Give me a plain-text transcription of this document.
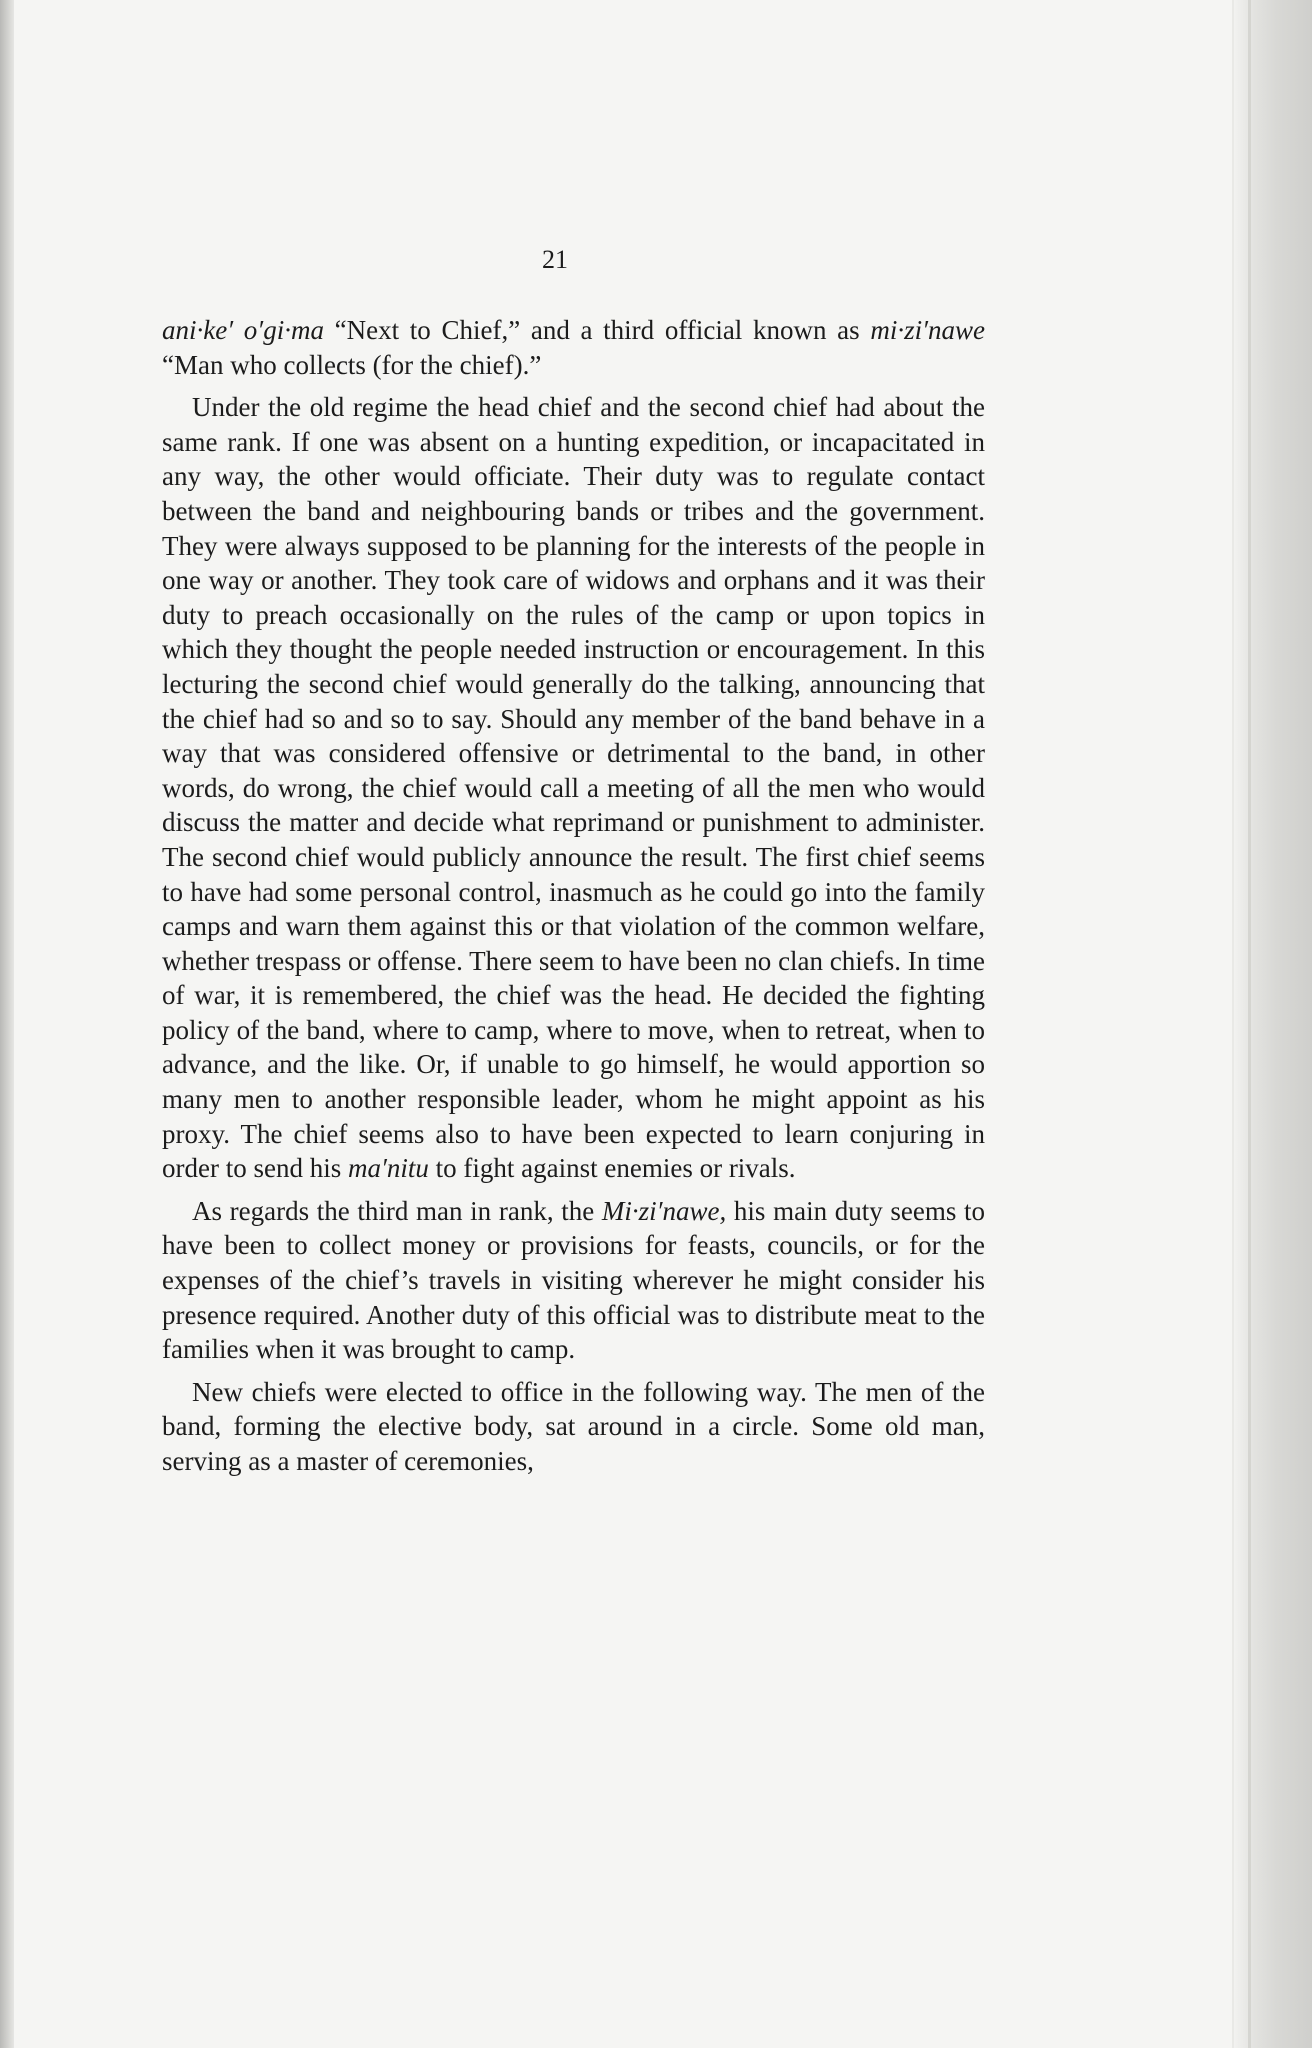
21

ani·ke′ o′gi·ma “Next to Chief,” and a third official known as mi·zi′nawe “Man who collects (for the chief).”

Under the old regime the head chief and the second chief had about the same rank. If one was absent on a hunting expedition, or incapacitated in any way, the other would officiate. Their duty was to regulate contact between the band and neighbouring bands or tribes and the government. They were always supposed to be planning for the interests of the people in one way or another. They took care of widows and orphans and it was their duty to preach occasionally on the rules of the camp or upon topics in which they thought the people needed instruction or encouragement. In this lecturing the second chief would generally do the talking, announcing that the chief had so and so to say. Should any member of the band behave in a way that was considered offensive or detrimental to the band, in other words, do wrong, the chief would call a meeting of all the men who would discuss the matter and decide what reprimand or punishment to administer. The second chief would publicly announce the result. The first chief seems to have had some personal control, inasmuch as he could go into the family camps and warn them against this or that violation of the common welfare, whether trespass or offense. There seem to have been no clan chiefs. In time of war, it is remembered, the chief was the head. He decided the fighting policy of the band, where to camp, where to move, when to retreat, when to advance, and the like. Or, if unable to go himself, he would apportion so many men to another responsible leader, whom he might appoint as his proxy. The chief seems also to have been expected to learn conjuring in order to send his ma′nitu to fight against enemies or rivals.

As regards the third man in rank, the Mi·zi′nawe, his main duty seems to have been to collect money or provisions for feasts, councils, or for the expenses of the chief’s travels in visiting wherever he might consider his presence required. Another duty of this official was to distribute meat to the families when it was brought to camp.

New chiefs were elected to office in the following way. The men of the band, forming the elective body, sat around in a circle. Some old man, serving as a master of ceremonies,
